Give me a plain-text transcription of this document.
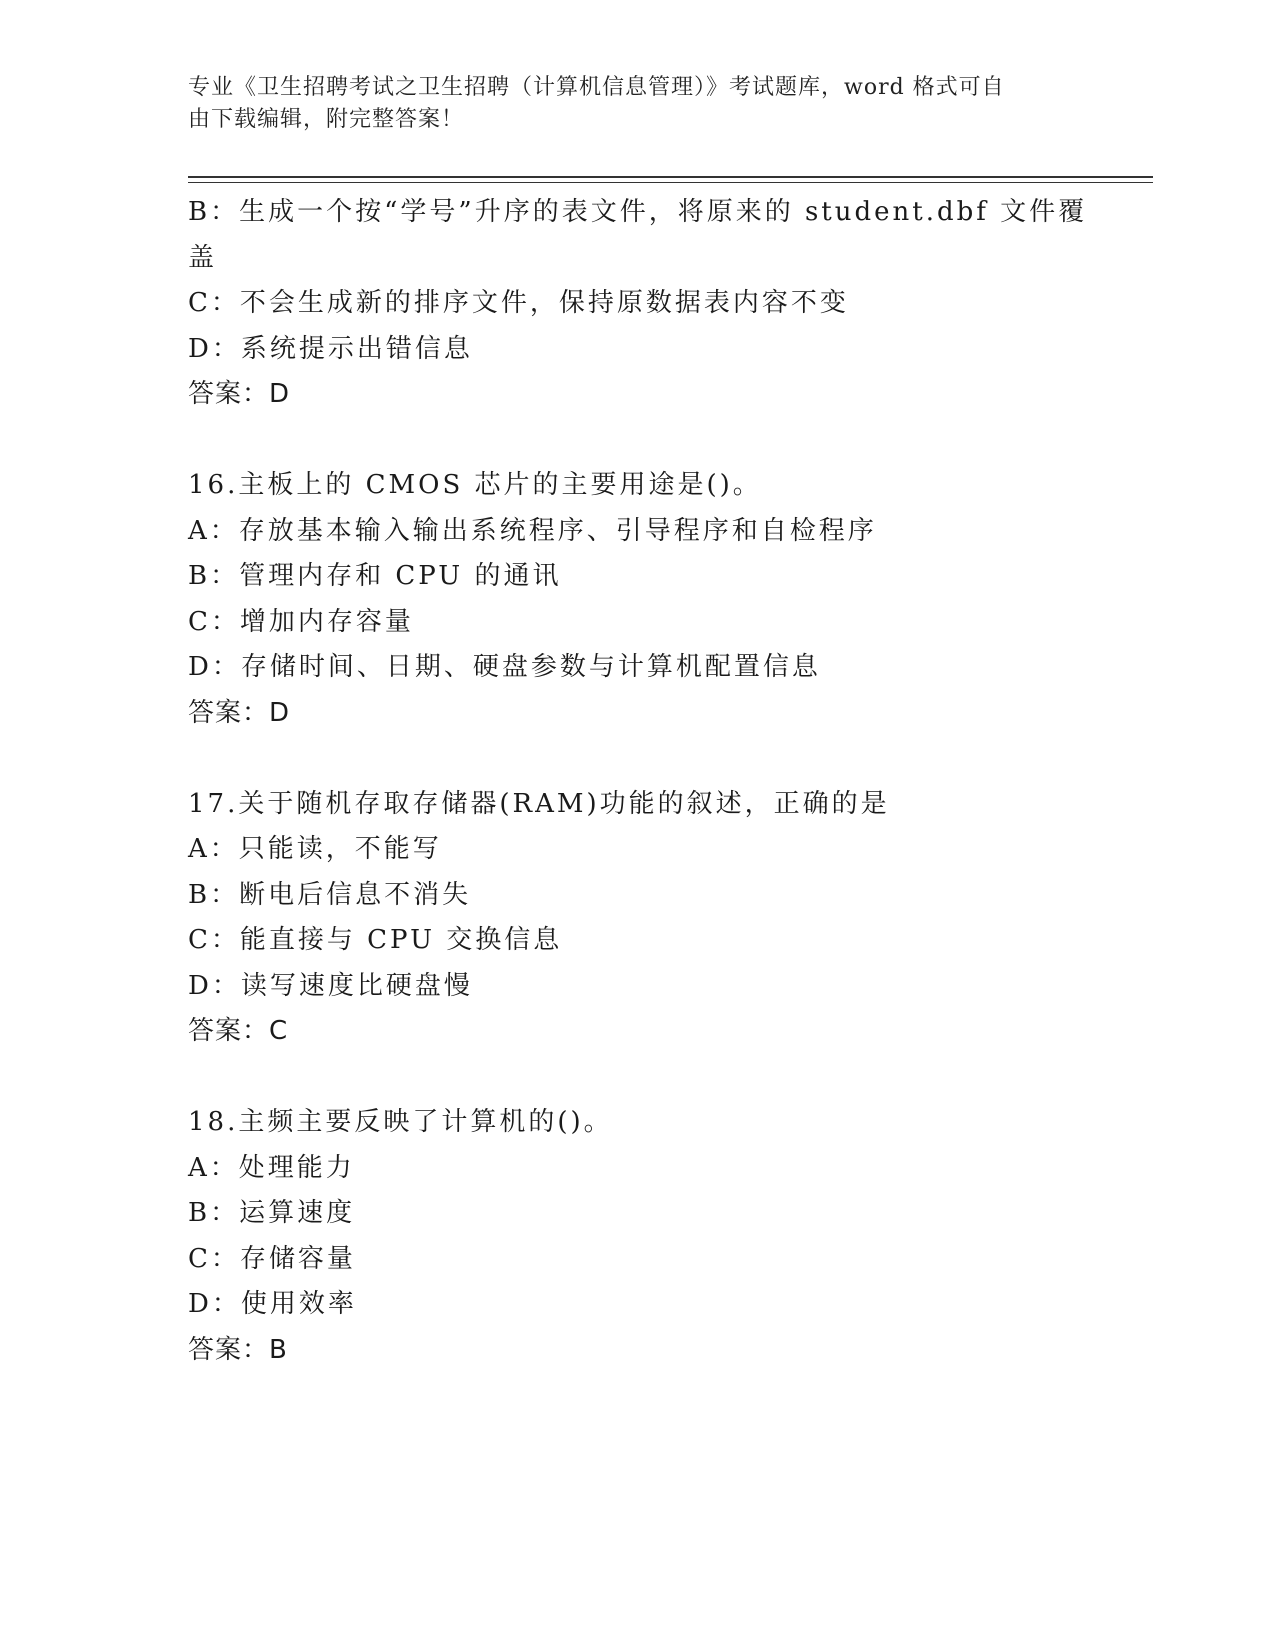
专业《卫生招聘考试之卫生招聘（计算机信息管理）》考试题库，word 格式可自
由下载编辑，附完整答案！
B：生成一个按“学号”升序的表文件，将原来的 student.dbf 文件覆
盖
C：不会生成新的排序文件，保持原数据表内容不变
D：系统提示出错信息
答案：D
16.主板上的 CMOS 芯片的主要用途是()。
A：存放基本输入输出系统程序、引导程序和自检程序
B：管理内存和 CPU 的通讯
C：增加内存容量
D：存储时间、日期、硬盘参数与计算机配置信息
答案：D
17.关于随机存取存储器(RAM)功能的叙述，正确的是
A：只能读，不能写
B：断电后信息不消失
C：能直接与 CPU 交换信息
D：读写速度比硬盘慢
答案：C
18.主频主要反映了计算机的()。
A：处理能力
B：运算速度
C：存储容量
D：使用效率
答案：B
